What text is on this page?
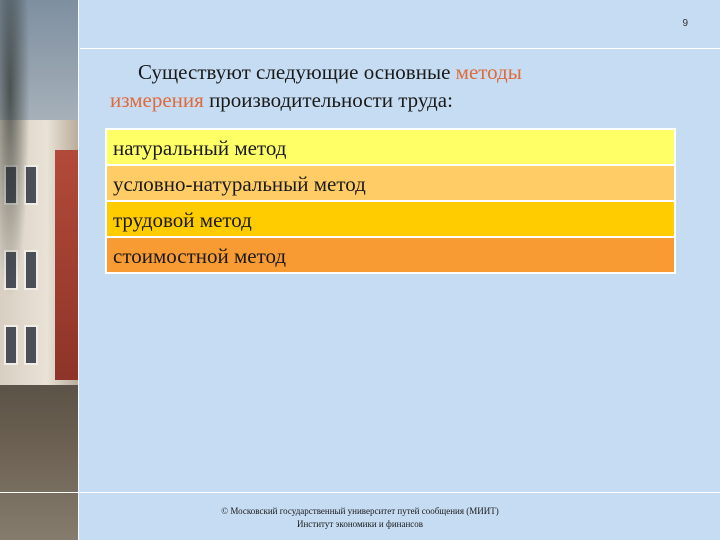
9
Существуют следующие основные методы
измерения производительности труда:
натуральный метод
условно-натуральный метод
трудовой метод
стоимостной метод
© Московский государственный университет путей сообщения (МИИТ)
Институт экономики и финансов
